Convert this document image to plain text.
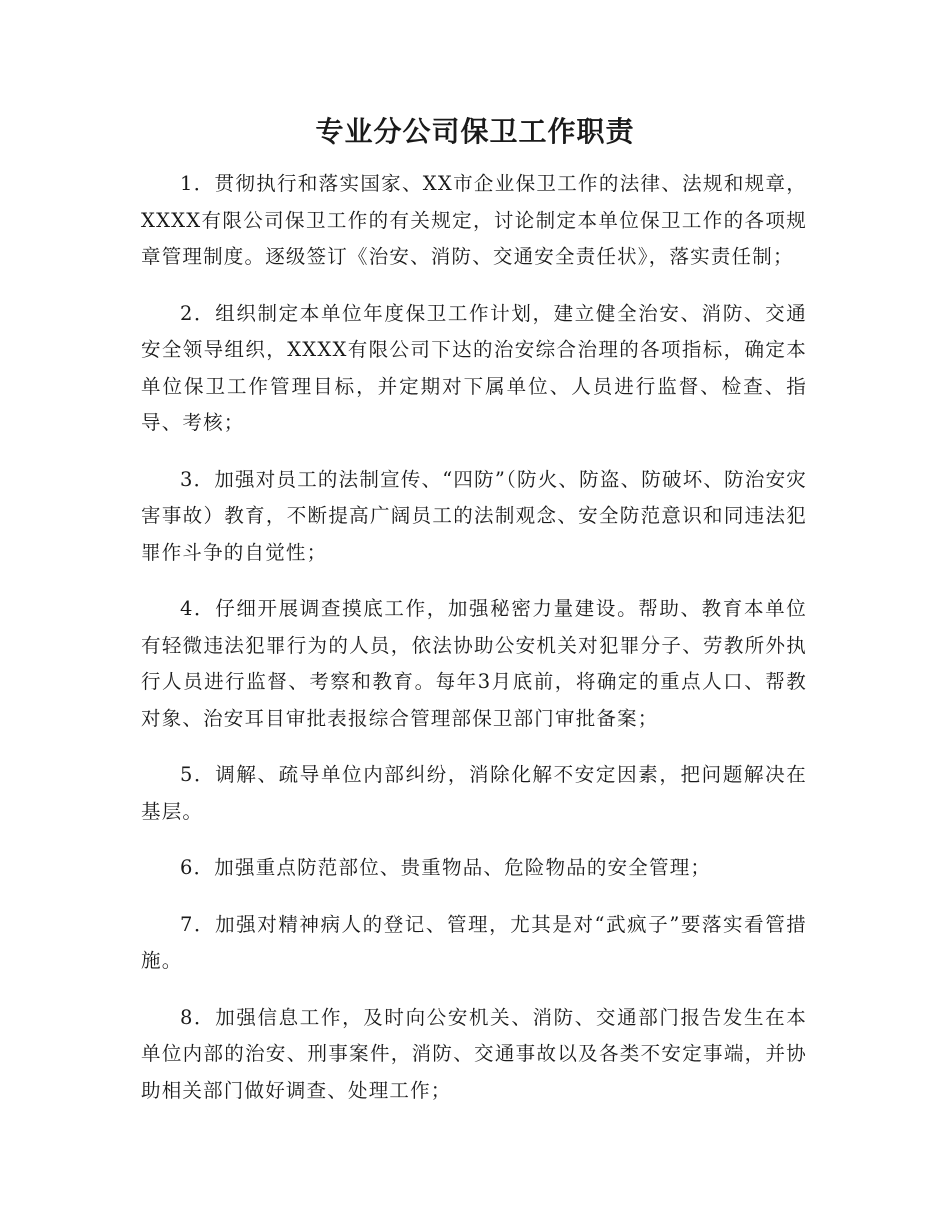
专业分公司保卫工作职责

1．贯彻执行和落实国家、XX市企业保卫工作的法律、法规和规章，XXXX有限公司保卫工作的有关规定，讨论制定本单位保卫工作的各项规章管理制度。逐级签订《治安、消防、交通安全责任状》，落实责任制；

2．组织制定本单位年度保卫工作计划，建立健全治安、消防、交通安全领导组织，XXXX有限公司下达的治安综合治理的各项指标，确定本单位保卫工作管理目标，并定期对下属单位、人员进行监督、检查、指导、考核；

3．加强对员工的法制宣传、“四防”（防火、防盗、防破坏、防治安灾害事故）教育，不断提高广阔员工的法制观念、安全防范意识和同违法犯罪作斗争的自觉性；

4．仔细开展调查摸底工作，加强秘密力量建设。帮助、教育本单位有轻微违法犯罪行为的人员，依法协助公安机关对犯罪分子、劳教所外执行人员进行监督、考察和教育。每年3月底前，将确定的重点人口、帮教对象、治安耳目审批表报综合管理部保卫部门审批备案；

5．调解、疏导单位内部纠纷，消除化解不安定因素，把问题解决在基层。

6．加强重点防范部位、贵重物品、危险物品的安全管理；

7．加强对精神病人的登记、管理，尤其是对“武疯子”要落实看管措施。

8．加强信息工作，及时向公安机关、消防、交通部门报告发生在本单位内部的治安、刑事案件，消防、交通事故以及各类不安定事端，并协助相关部门做好调查、处理工作；
